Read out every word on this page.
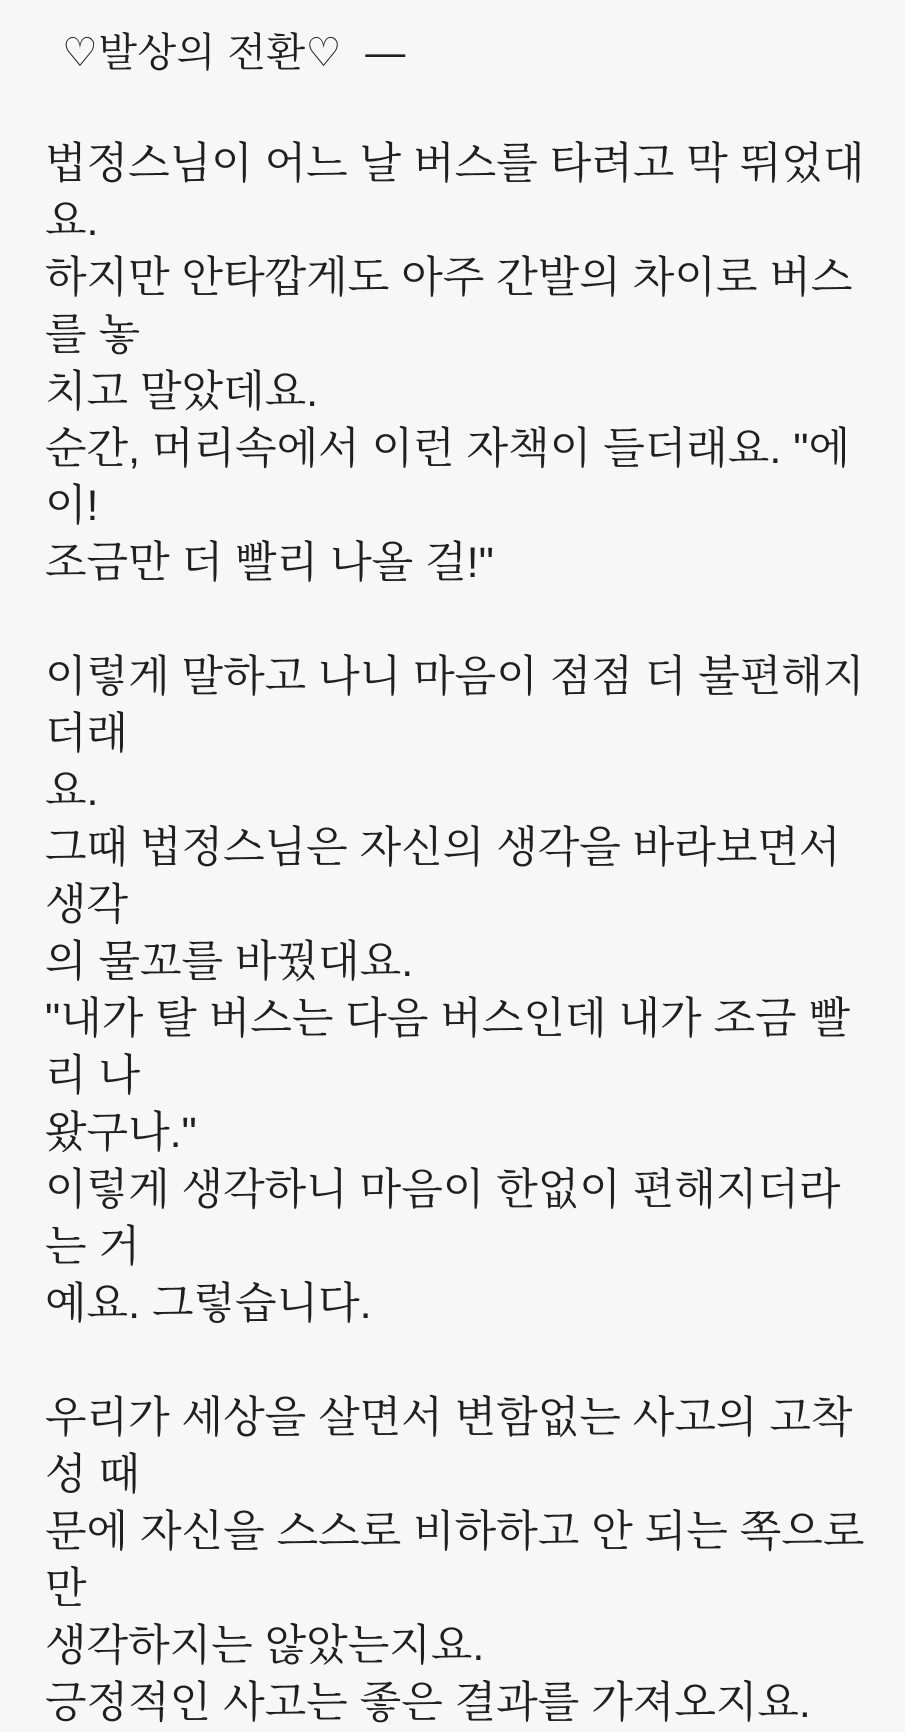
♡발상의 전환♡  —
법정스님이 어느 날 버스를 타려고 막 뛰었대요.
하지만 안타깝게도 아주 간발의 차이로 버스를 놓
치고 말았데요.
순간, 머리속에서 이런 자책이 들더래요. "에이!
조금만 더 빨리 나올 걸!"
이렇게 말하고 나니 마음이 점점 더 불편해지더래
요.
그때 법정스님은 자신의 생각을 바라보면서 생각
의 물꼬를 바꿨대요.
"내가 탈 버스는 다음 버스인데 내가 조금 빨리 나
왔구나."
이렇게 생각하니 마음이 한없이 편해지더라는 거
예요. 그렇습니다.
우리가 세상을 살면서 변함없는 사고의 고착성 때
문에 자신을 스스로 비하하고 안 되는 쪽으로만
생각하지는 않았는지요.
긍정적인 사고는 좋은 결과를 가져오지요.
